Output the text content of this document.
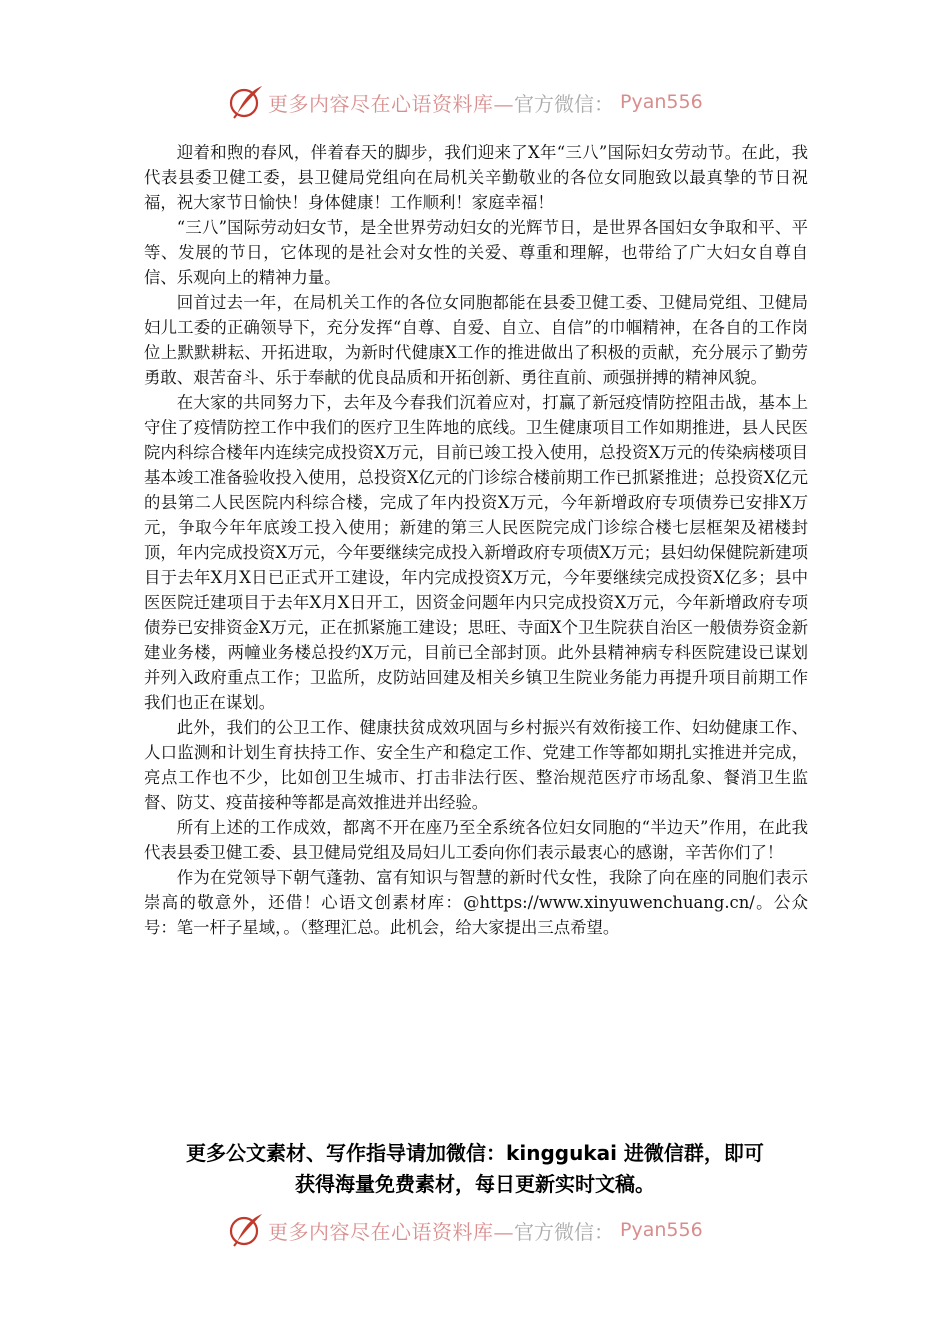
更多内容尽在心语资料库— 官方微信： Pyan556

迎着和煦的春风，伴着春天的脚步，我们迎来了X年“三八”国际妇女劳动节。在此，我代表县委卫健工委，县卫健局党组向在局机关辛勤敬业的各位女同胞致以最真挚的节日祝福，祝大家节日愉快！身体健康！工作顺利！家庭幸福！

“三八”国际劳动妇女节，是全世界劳动妇女的光辉节日，是世界各国妇女争取和平、平等、发展的节日，它体现的是社会对女性的关爱、尊重和理解，也带给了广大妇女自尊自信、乐观向上的精神力量。

回首过去一年，在局机关工作的各位女同胞都能在县委卫健工委、卫健局党组、卫健局妇儿工委的正确领导下，充分发挥“自尊、自爱、自立、自信”的巾帼精神，在各自的工作岗位上默默耕耘、开拓进取，为新时代健康X工作的推进做出了积极的贡献，充分展示了勤劳勇敢、艰苦奋斗、乐于奉献的优良品质和开拓创新、勇往直前、顽强拼搏的精神风貌。

在大家的共同努力下，去年及今春我们沉着应对，打赢了新冠疫情防控阻击战，基本上守住了疫情防控工作中我们的医疗卫生阵地的底线。卫生健康项目工作如期推进，县人民医院内科综合楼年内连续完成投资X万元，目前已竣工投入使用，总投资X万元的传染病楼项目基本竣工准备验收投入使用，总投资X亿元的门诊综合楼前期工作已抓紧推进；总投资X亿元的县第二人民医院内科综合楼，完成了年内投资X万元，今年新增政府专项债券已安排X万元，争取今年年底竣工投入使用；新建的第三人民医院完成门诊综合楼七层框架及裙楼封顶，年内完成投资X万元，今年要继续完成投入新增政府专项债X万元；县妇幼保健院新建项目于去年X月X日已正式开工建设，年内完成投资X万元，今年要继续完成投资X亿多；县中医医院迁建项目于去年X月X日开工，因资金问题年内只完成投资X万元，今年新增政府专项债券已安排资金X万元，正在抓紧施工建设；思旺、寺面X个卫生院获自治区一般债券资金新建业务楼，两幢业务楼总投约X万元，目前已全部封顶。此外县精神病专科医院建设已谋划并列入政府重点工作；卫监所，皮防站回建及相关乡镇卫生院业务能力再提升项目前期工作我们也正在谋划。

此外，我们的公卫工作、健康扶贫成效巩固与乡村振兴有效衔接工作、妇幼健康工作、人口监测和计划生育扶持工作、安全生产和稳定工作、党建工作等都如期扎实推进并完成，亮点工作也不少，比如创卫生城市、打击非法行医、整治规范医疗市场乱象、餐消卫生监督、防艾、疫苗接种等都是高效推进并出经验。

所有上述的工作成效，都离不开在座乃至全系统各位妇女同胞的“半边天”作用，在此我代表县委卫健工委、县卫健局党组及局妇儿工委向你们表示最衷心的感谢，辛苦你们了！

作为在党领导下朝气蓬勃、富有知识与智慧的新时代女性，我除了向在座的同胞们表示崇高的敬意外，还借！心语文创素材库：@https://www.xinyuwenchuang.cn/。公众号：笔一杆子星域，。（整理汇总。此机会，给大家提出三点希望。

更多公文素材、写作指导请加微信：kinggukai 进微信群，即可
获得海量免费素材，每日更新实时文稿。
更多内容尽在心语资料库— 官方微信： Pyan556
